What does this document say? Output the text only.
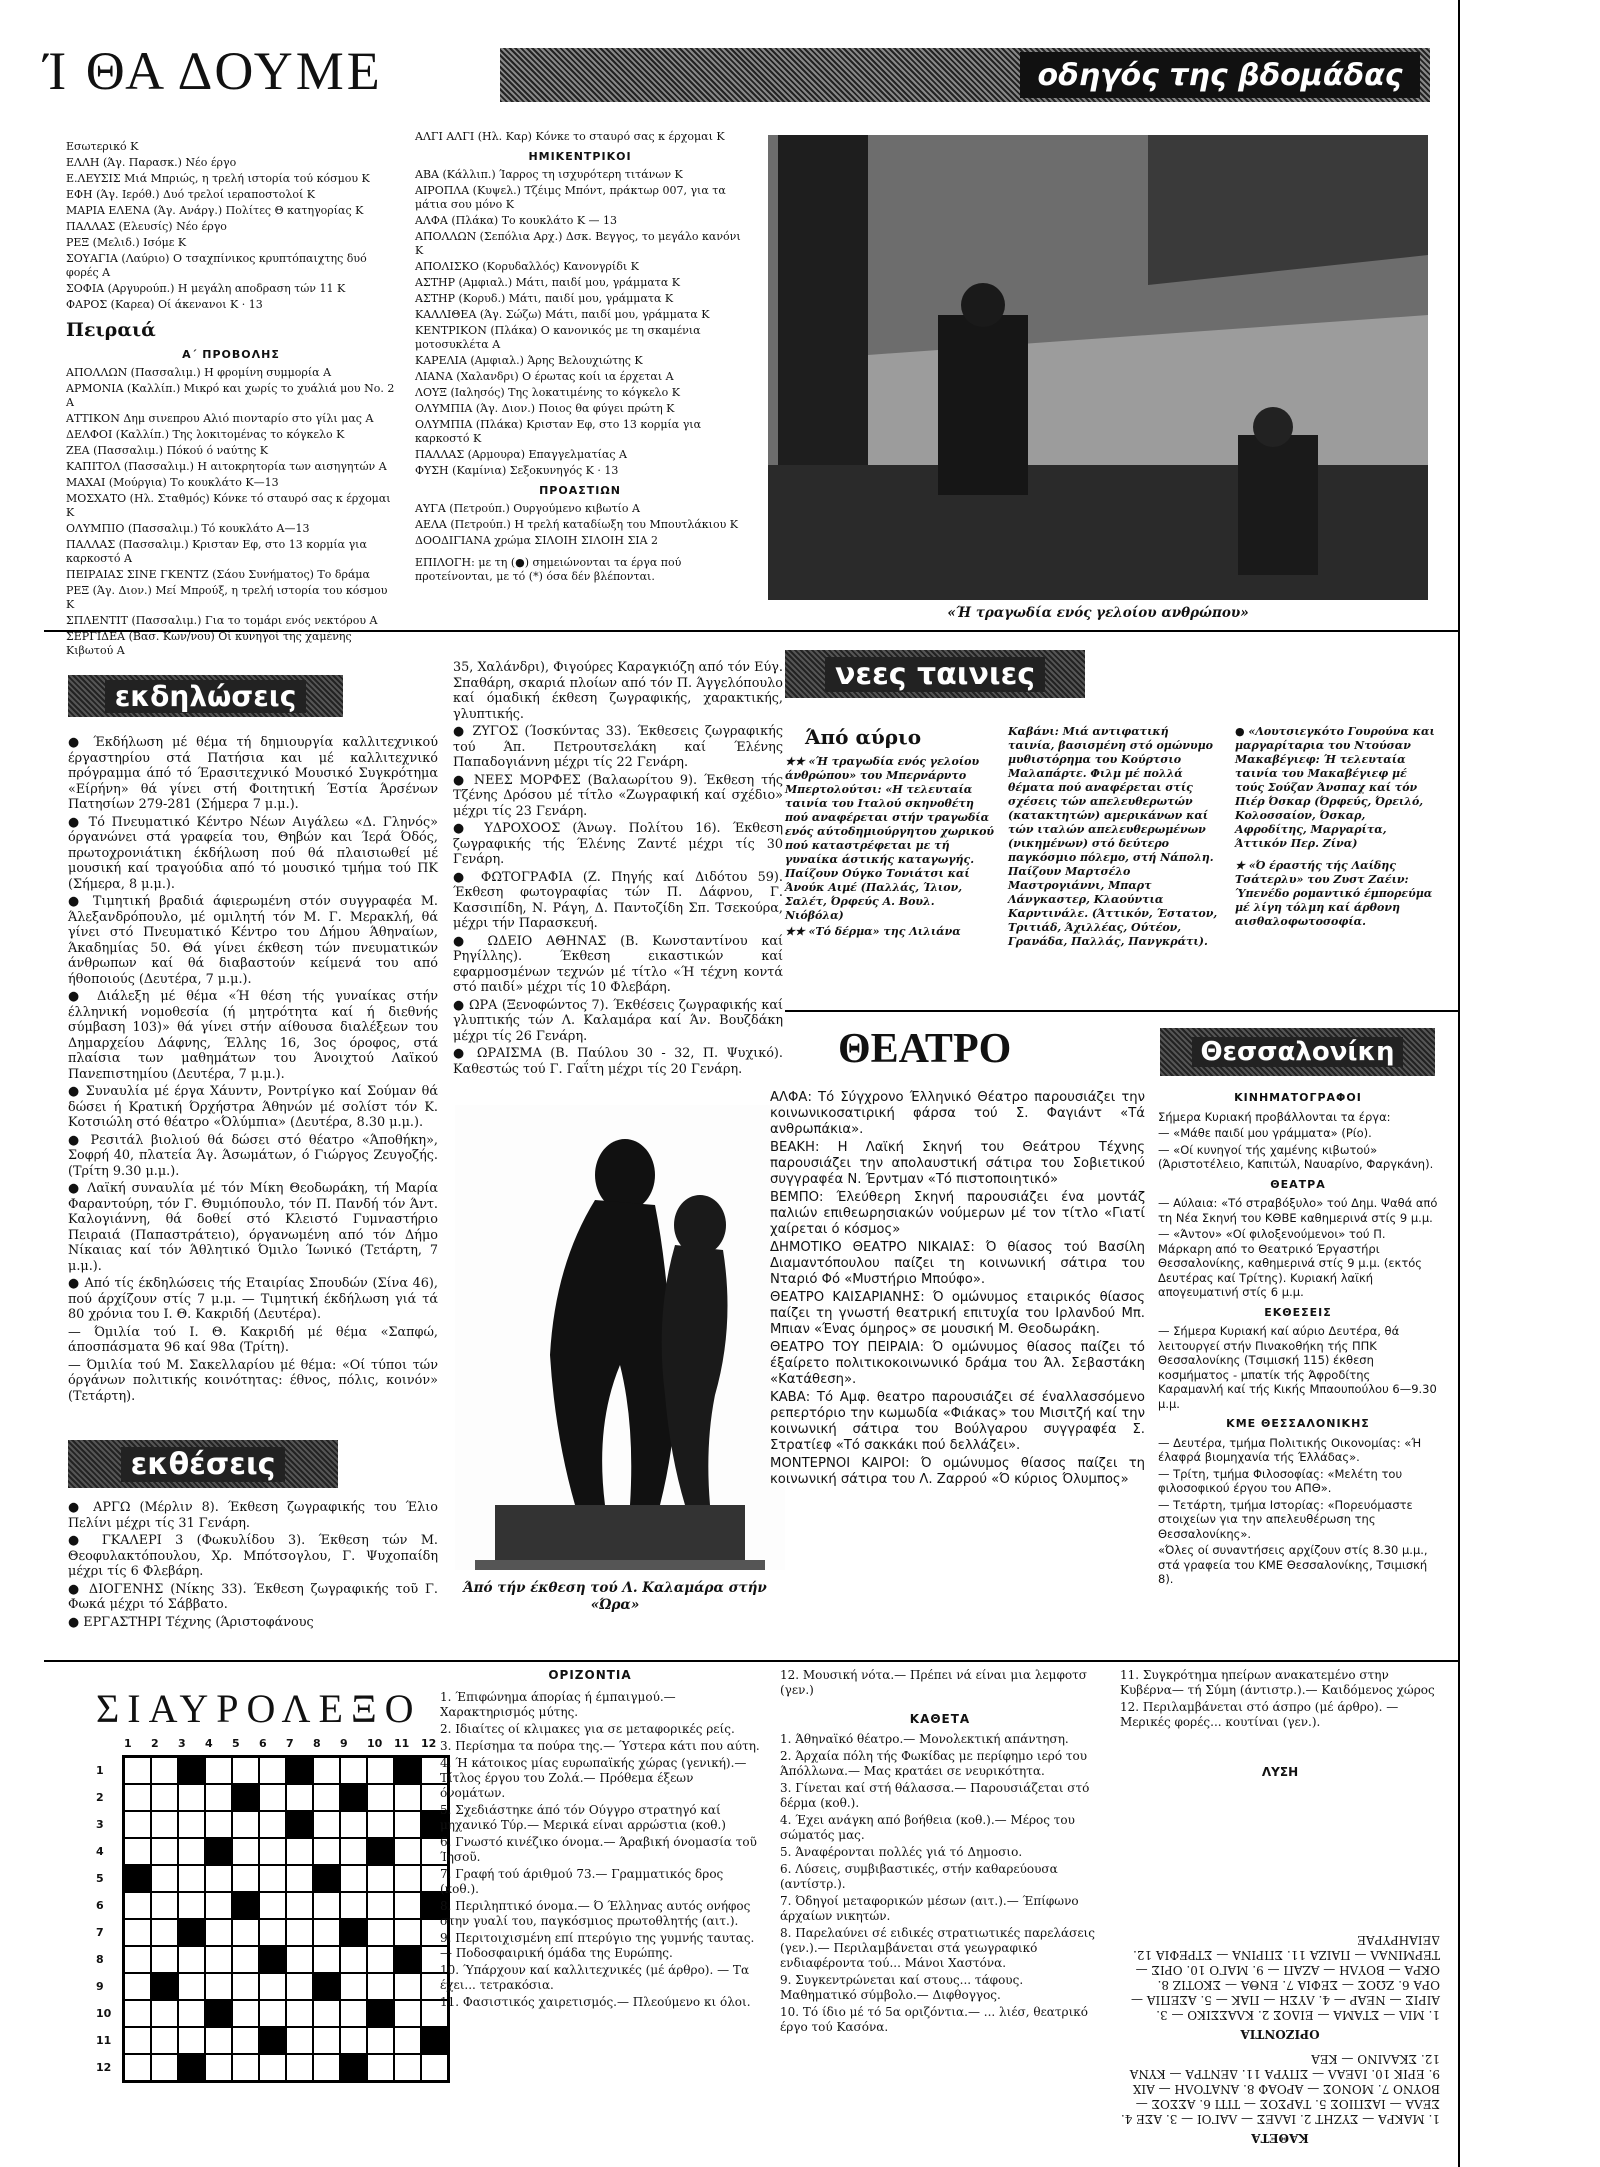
Ί ΘΑ ΔΟΥΜΕ	οδηγός της βδομάδας

Εσωτερικό Κ

ΕΛΛΗ (Άγ. Παρασκ.) Νέο έργο

Ε.ΛΕΥΣΙΣ Μιά Μπριώς, η τρελή ιστορία τού κόσμου Κ

ΕΦΗ (Άγ. Ιερόθ.) Δυό τρελοί ιεραποστολοί Κ

ΜΑΡΙΑ ΕΛΕΝΑ (Άγ. Ανάργ.) Πολίτες Θ κατηγορίας Κ

ΠΑΛΛΑΣ (Ελευσίς) Νέο έργο

ΡΕΞ (Μελιδ.) Ισόμε Κ

ΣΟΥΑΓΙΑ (Λαύριο) Ο τσαχπίνικος κρυπτόπαιχτης δυό φορές Α

ΣΟΦΙΑ (Αργυρούπ.) Η μεγάλη αποδραση τών 11 Κ

ΦΑΡΟΣ (Καρεα) Οί άκενανοι Κ · 13

Πειραιά
Α΄ ΠΡΟΒΟΛΗΣ

ΑΠΟΛΛΩΝ (Πασσαλιμ.) Η φρομίνη συμμορία Α

ΑΡΜΟΝΙΑ (Καλλίπ.) Μικρό και χωρίς το χυάλιά μου Νο. 2 Α

ΑΤΤΙΚΟΝ Δημ σινεπρου Αλιό πιονταρίο στο γίλι μας Α

ΔΕΛΦΟΙ (Καλλίπ.) Της λοκιτομένας το κόγκελο Κ

ΖΕΑ (Πασσαλιμ.) Πόκού ό ναύτης Κ

ΚΑΠΙΤΟΛ (Πασσαλιμ.) Η αιτοκρητορία των αισηγητών Α

ΜΑΧΑΙ (Μούργια) Το κουκλάτο Κ—13

ΜΟΣΧΑΤΟ (Ηλ. Σταθμός) Κόνκε τό σταυρό σας κ έρχομαι Κ

ΟΛΥΜΠΙΟ (Πασσαλιμ.) Τό κουκλάτο Α—13

ΠΑΛΛΑΣ (Πασσαλιμ.) Κρισταν Εφ, στο 13 κορμία για καρκοστό Α

ΠΕΙΡΑΙΑΣ ΣΙΝΕ ΓΚΕΝΤΖ (Σάου Συνήματος) Το δράμα

ΡΕΞ (Άγ. Διον.) Μεί Μπρούξ, η τρελή ιστορία του κόσμου Κ

ΣΠΛΕΝΤΙΤ (Πασσαλιμ.) Για το τομάρι ενός νεκτόρου Α

ΣΕΡΓΙΔΕΑ (Βασ. Κων/νου) Οί κυνηγοί της χαμένης Κιβωτού Α

ΑΛΓΙ ΑΛΓΙ (Ηλ. Καρ) Κόνκε το σταυρό σας κ έρχομαι Κ

ΗΜΙΚΕΝΤΡΙΚΟΙ

ΑΒΑ (Κάλλιπ.) Ίαρρος τη ισχυρότερη τιτάνων Κ

ΑΙΡΟΠΛΑ (Κυψελ.) Τζέιμς Μπόντ, πράκτωρ 007, για τα μάτια σου μόνο Κ

ΑΛΦΑ (Πλάκα) Το κουκλάτο Κ — 13

ΑΠΟΛΛΩΝ (Σεπόλια Αρχ.) Δσκ. Βεγγος, το μεγάλο κανόνι Κ

ΑΠΟΛΙΣΚΟ (Κορυδαλλός) Κανονγρίδι Κ

ΑΣΤΗΡ (Αμφιαλ.) Μάτι, παιδί μου, γράμματα Κ

ΑΣΤΗΡ (Κορυδ.) Μάτι, παιδί μου, γράμματα Κ

ΚΑΛΛΙΘΕΑ (Άγ. Σώζω) Μάτι, παιδί μου, γράμματα Κ

ΚΕΝΤΡΙΚΟΝ (Πλάκα) Ο κανονικός με τη σκαμένια μοτοσυκλέτα Α

ΚΑΡΕΛΙΑ (Αμφιαλ.) Άρης Βελουχιώτης Κ

ΛΙΑΝΑ (Χαλανδρι) Ο έρωτας κοίι ια έρχεται Α

ΛΟΥΞ (Ιαλησός) Της λοκατιμένης το κόγκελο Κ

ΟΛΥΜΠΙΑ (Άγ. Διον.) Ποιος θα φύγει πρώτη Κ

ΟΛΥΜΠΙΑ (Πλάκα) Κρισταν Εφ, στο 13 κορμία για καρκοστό Κ

ΠΑΛΛΑΣ (Αρμουρα) Επαγγελματίας Α

ΦΥΣΗ (Καμίνια) Σεξοκυνηγός Κ · 13

ΠΡΟΑΣΤΙΩΝ

ΑΥΓΑ (Πετρούπ.) Ουργούμενο κιβωτίο Α

ΑΕΛΑ (Πετρούπ.) Η τρελή καταδίωξη του Μπουτλάκιου Κ

ΔΟΟΔΙΓΙΑΝΑ χρώμα ΣΙΛΟΙΗ ΣΙΛΟΙΗ ΣΙΑ 2

ΕΠΙΛΟΓΗ: με τη (●) σημειώνονται τα έργα πού προτείνονται, με τό (*) όσα δέν βλέπονται.

«Ή τραγωδία ενός γελοίου ανθρώπου»
εκδηλώσεις

● Έκδήλωση μέ θέμα τή δημιουργία καλλιτεχνικού έργαστηρίου στά Πατήσια και μέ καλλιτεχνικό πρόγραμμα άπό τό Έρασιτεχνικό Μουσικό Συγκρότημα «Είρήνη» θά γίνει στή Φοιτητική Έστία Άρσένων Πατησίων 279-281 (Σήμερα 7 μ.μ.).

● Τό Πνευματικό Κέντρο Νέων Αιγάλεω «Δ. Γληνός» όργανώνει στά γραφεία του, Θηβών και Ίερά Όδός, πρωτοχρονιάτικη έκδήλωση πού θά πλαισιωθεί μέ μουσική καί τραγούδια από τό μουσικό τμήμα τού ΠΚ (Σήμερα, 8 μ.μ.).

● Τιμητική βραδιά άφιερωμένη στόν συγγραφέα Μ. Άλεξανδρόπουλο, μέ ομιλητή τόν Μ. Γ. Μερακλή, θά γίνει στό Πνευματικό Κέντρο του Δήμου Άθηναίων, Άκαδημίας 50. Θά γίνει έκθεση τών πνευματικών άνθρωπων καί θά διαβαστούν κείμενά του από ήθοποιούς (Δευτέρα, 7 μ.μ.).

● Διάλεξη μέ θέμα «Ή θέση τής γυναίκας στήν έλληνική νομοθεσία (ή μητρότητα καί ή διεθνής σύμβαση 103)» θά γίνει στήν αίθουσα διαλέξεων του Δημαρχείου Δάφνης, Έλλης 16, 3ος όροφος, στά πλαίσια των μαθημάτων του Άνοιχτού Λαϊκού Πανεπιστημίου (Δευτέρα, 7 μ.μ.).

● Συναυλία μέ έργα Χάυντν, Ροντρίγκο καί Σούμαν θά δώσει ή Κρατική Όρχήστρα Άθηνών μέ σολίστ τόν Κ. Κοτσιώλη στό θέατρο «Όλύμπια» (Δευτέρα, 8.30 μ.μ.).

● Ρεσιτάλ βιολιού θά δώσει στό θέατρο «Άποθήκη», Σοφρή 40, πλατεία Άγ. Άσωμάτων, ό Γιώργος Ζευγοζής. (Τρίτη 9.30 μ.μ.).

● Λαϊκή συναυλία μέ τόν Μίκη Θεοδωράκη, τή Μαρία Φαραντούρη, τόν Γ. Θυμιόπουλο, τόν Π. Πανδή τόν Άντ. Καλογιάννη, θά δοθεί στό Κλειστό Γυμναστήριο Πειραιά (Παπαστράτειο), όργανωμένη από τόν Δήμο Νίκαιας καί τόν Άθλητικό Όμιλο Ίωνικό (Τετάρτη, 7 μ.μ.).

● Από τίς έκδηλώσεις τής Εταιρίας Σπουδών (Σίνα 46), πού άρχίζουν στίς 7 μ.μ. — Τιμητική έκδήλωση γιά τά 80 χρόνια του Ι. Θ. Κακριδή (Δευτέρα).

— Όμιλία τού Ι. Θ. Κακριδή μέ θέμα «Σαπφώ, άποσπάσματα 96 καί 98α (Τρίτη).

— Όμιλία τού Μ. Σακελλαρίου μέ θέμα: «Οί τύποι τών όργάνων πολιτικής κοινότητας: έθνος, πόλις, κοινόν» (Τετάρτη).

εκθέσεις

● ΑΡΓΩ (Μέρλιν 8). Έκθεση ζωγραφικής του Έλιο Πελίνι μέχρι τίς 31 Γενάρη.

● ΓΚΑΛΕΡΙ 3 (Φωκυλίδου 3). Έκθεση τών Μ. Θεοφυλακτόπουλου, Χρ. Μπότσογλου, Γ. Ψυχοπαίδη μέχρι τίς 6 Φλεβάρη.

● ΔΙΟΓΕΝΗΣ (Νίκης 33). Έκθεση ζωγραφικής τοῦ Γ. Φωκά μέχρι τό Σάββατο.

● ΕΡΓΑΣΤΗΡΙ Τέχνης (Άριστοφάνους

35, Χαλάνδρι), Φιγούρες Καραγκιόζη από τόν Εύγ. Σπαθάρη, σκαριά πλοίων από τόν Π. Άγγελόπουλο καί όμαδική έκθεση ζωγραφικής, χαρακτικής, γλυπτικής.

● ΖΥΓΟΣ (Ίοσκύντας 33). Έκθεσεις ζωγραφικής τού Άπ. Πετρουτσελάκη καί Έλένης Παπαδογιάννη μέχρι τίς 22 Γενάρη.

● ΝΕΕΣ ΜΟΡΦΕΣ (Βαλαωρίτου 9). Έκθεση τής Τζένης Δρόσου μέ τίτλο «Ζωγραφική καί σχέδιο» μέχρι τίς 23 Γενάρη.

● ΥΔΡΟΧΟΟΣ (Άνωγ. Πολίτου 16). Έκθεση ζωγραφικής τής Έλένης Ζαντέ μέχρι τίς 30 Γενάρη.

● ΦΩΤΟΓΡΑΦΙΑ (Ζ. Πηγής καί Διδότου 59). Έκθεση φωτογραφίας τών Π. Δάφνου, Γ. Κασσιπίδη, Ν. Ράγη, Δ. Παντοζίδη Σπ. Τσεκούρα, μέχρι τήν Παρασκευή.

● ΩΔΕΙΟ ΑΘΗΝΑΣ (Β. Κωνσταντίνου καί Ρηγίλλης). Έκθεση εικαστικών καί εφαρμοσμένων τεχνών μέ τίτλο «Ή τέχνη κοντά στό παιδί» μέχρι τίς 10 Φλεβάρη.

● ΩΡΑ (Ξενοφώντος 7). Έκθέσεις ζωγραφικής καί γλυπτικής τών Λ. Καλαμάρα καί Άν. Βουζδάκη μέχρι τίς 26 Γενάρη.

● ΩΡΑΙΣΜΑ (Β. Παύλου 30 - 32, Π. Ψυχικό). Καθεστώς τού Γ. Γαΐτη μέχρι τίς 20 Γενάρη.

Άπό τήν έκθεση τού Λ. Καλαμάρα στήν «Ώρα»
νεες ταινιες
Άπό αύριο

★★ «Ή τραγωδία ενός γελοίου άνθρώπου» του Μπερνάρντο Μπερτολούτσι: «Η τελευταία ταινία του Ιταλού σκηνοθέτη πού αναφέρεται στήν τραγωδία ενός αύτοδημιούργητου χωρικού πού καταστρέφεται με τή γυναίκα άστικής καταγωγής. Παίζουν Ούγκο Τονιάτσι καί Άνούκ Αιμέ (Παλλάς, Ίλιον, Σαλέτ, Όρφεύς Α. Βουλ. Νιόβόλα)

★★ «Τό δέρμα» της Λιλιάνα

Καβάνι: Μιά αντιφατική ταινία, βασισμένη στό ομώνυμο μυθιστόρημα του Κούρτσιο Μαλαπάρτε. Φιλμ μέ πολλά θέματα πού αναφέρεται στίς σχέσεις τών απελευθερωτών (κατακτητών) αμερικάνων καί τών ιταλών απελευθερωμένων (νικημένων) στό δεύτερο παγκόσμιο πόλεμο, στή Νάπολη. Παίζουν Μαρτσέλο Μαστρογιάννι, Μπαρτ Λάνγκαστερ, Κλαούντια Καρντινάλε. (Άττικόν, Έστατον, Τριτιάδ, Άχιλλέας, Ούτέον, Γρανάδα, Παλλάς, Πανγκράτι).

● «Λουτσιεγκότο Γουρούνα και μαργαρίταρια του Ντούσαν Μακαβέγιεφ: Ή τελευταία ταινία του Μακαβέγιεφ μέ τούς Σούζαν Άνσπαχ καί τόν Πιέρ Όσκαρ (Όρφεύς, Όρειλό, Κολοσσαίον, Όσκαρ, Αφροδίτης, Μαργαρίτα, Άττικόν Περ. Ζίνα)

★ «Ό έραστής τής Λαίδης Τσάτερλυ» του Ζυστ Ζαέιν: Ύπενέδο ρομαντικό έμπορεύμα μέ λίγη τόλμη καί άρθονη αισθαλοφωτοσοφία.

ΘΕΑΤΡΟ

ΑΛΦΑ: Τό Σύγχρονο Έλληνικό Θέατρο παρουσιάζει την κοινωνικοσατιρική φάρσα τού Σ. Φαγιάντ «Τά ανθρωπάκια».

ΒΕΑΚΗ: Η Λαϊκή Σκηνή του Θεάτρου Τέχνης παρουσιάζει την απολαυστική σάτιρα του Σοβιετικού συγγραφέα Ν. Έρντμαν «Τό πιστοποιητικό»

ΒΕΜΠΟ: Έλεύθερη Σκηνή παρουσιάζει ένα μοντάζ παλιών επιθεωρησιακών νούμερων μέ τον τίτλο «Γιατί χαίρεται ό κόσμος»

ΔΗΜΟΤΙΚΟ ΘΕΑΤΡΟ ΝΙΚΑΙΑΣ: Ό θίασος τού Βασίλη Διαμαντόπουλου παίζει τη κοινωνική σάτιρα του Νταριό Φό «Μυστήριο Μπούφο».

ΘΕΑΤΡΟ ΚΑΙΣΑΡΙΑΝΗΣ: Ό ομώνυμος εταιρικός θίασος παίζει τη γνωστή θεατρική επιτυχία του Ιρλανδού Μπ. Μπιαν «Ένας όμηρος» σε μουσική Μ. Θεοδωράκη.

ΘΕΑΤΡΟ ΤΟΥ ΠΕΙΡΑΙΑ: Ό ομώνυμος θίασος παίζει τό έξαίρετο πολιτικοκοινωνικό δράμα του Άλ. Σεβαστάκη «Κατάθεση».

ΚΑΒΑ: Τό Αμφ. θεατρο παρουσιάζει σέ έναλλασσόμενο ρεπερτόριο την κωμωδία «Φιάκας» του Μισιτζή καί την κοινωνική σάτιρα του Βούλγαρου συγγραφέα Σ. Στρατίεφ «Τό σακκάκι πού δελλάζει».

ΜΟΝΤΕΡΝΟΙ ΚΑΙΡΟΙ: Ό ομώνυμος θίασος παίζει τη κοινωνική σάτιρα του Λ. Ζαρρού «Ό κύριος Όλυμπος»

Θεσσαλονίκη
ΚΙΝΗΜΑΤΟΓΡΑΦΟΙ

Σήμερα Κυριακή προβάλλονται τα έργα:

— «Μάθε παιδί μου γράμματα» (Ρίο).

— «Οί κυνηγοί τής χαμένης κιβωτού» (Άριστοτέλειο, Καπιτώλ, Ναυαρίνο, Φαργκάνη).

ΘΕΑΤΡΑ

— Αύλαια: «Τό στραβόξυλο» τού Δημ. Ψαθά από τη Νέα Σκηνή του ΚΘΒΕ καθημερινά στίς 9 μ.μ.

— «Άντον» «Οί φιλοξενούμενοι» τού Π. Μάρκαρη από το Θεατρικό Έργαστήρι Θεσσαλονίκης, καθημερινά στίς 9 μ.μ. (εκτός Δευτέρας καί Τρίτης). Κυριακή λαϊκή απογευματινή στίς 6 μ.μ.

ΕΚΘΕΣΕΙΣ

— Σήμερα Κυριακή καί αύριο Δευτέρα, θά λειτουργεί στήν Πινακοθήκη τής ΠΠΚ Θεσσαλονίκης (Τσιμισκή 115) έκθεση κοσμήματος - μπατίκ τής Άφροδίτης Καραμανλή καί τής Κικής Μπαουπούλου 6—9.30 μ.μ.

ΚΜΕ ΘΕΣΣΑΛΟΝΙΚΗΣ

— Δευτέρα, τμήμα Πολιτικής Οικονομίας: «Ή έλαφρά βιομηχανία τής Έλλάδας».

— Τρίτη, τμήμα Φιλοσοφίας: «Μελέτη του φιλοσοφικού έργου του ΑΠΘ».

— Τετάρτη, τμήμα Ιστορίας: «Πορευόμαστε στοιχείων για την απελευθέρωση της Θεσσαλονίκης».

«Όλες οί συναντήσεις αρχίζουν στίς 8.30 μ.μ., στά γραφεία του ΚΜΕ Θεσσαλονίκης, Τσιμισκή 8).

ΣΙΑΥΡΟΛΕΞΟ
1	2	3	4	5	6	7	8	9	10	11	12
1
2
3
4
5
6
7
8
9
10
11
12
ΟΡΙΖΟΝΤΙΑ

1. Έπιφώνημα άπορίας ή έμπαιγμού.— Χαρακτηρισμός μύτης.

2. Ιδιαίτες οί κλιμακες για σε μεταφορικές ρείς.

3. Περίσημα τα πούρα της.— Ύστερα κάτι που αύτη.

4. Ή κάτοικος μίας ευρωπαϊκής χώρας (γενική).— Τίτλος έργου του Ζολά.— Πρόθεμα έξεων όνομάτων.

5. Σχεδιάστηκε άπό τόν Ούγγρο στρατηγό καί μηχανικό Τύρ.— Μερικά είναι αρρώστια (κοθ.)

6. Γνωστό κινέζικο όνομα.— Άραβική όνομασία τοῦ Ίησοῦ.

7. Γραφή τού άριθμού 73.— Γραμματικός δρος (κοθ.).

8. Περιληπτικό όνομα.— Ό Έλληνας αυτός ονήφος στην γυαλί του, παγκόσμιος πρωτοθλητής (αιτ.).

9. Περιτοιχισμένη επί πτερύγιο της γυμνής ταυτας.— Ποδοσφαιρική όμάδα της Ευρώπης.

10. Ύπάρχουν καί καλλιτεχνικές (μέ άρθρο). — Τα έχει... τετρακόσια.

11. Φασιστικός χαιρετισμός.— Πλεούμενο κι όλοι.

12. Μουσική νότα.— Πρέπει νά είναι μια λεμφοτσ (γεν.)

ΚΑΘΕΤΑ

1. Άθηναϊκό θέατρο.— Μονολεκτική απάντηση.

2. Άρχαία πόλη τής Φωκίδας με περίφημο ιερό του Άπόλλωνα.— Μας κρατάει σε νευρικότητα.

3. Γίνεται καί στή θάλασσα.— Παρουσιάζεται στό δέρμα (κοθ.).

4. Έχει ανάγκη από βοήθεια (κοθ.).— Μέρος του σώματός μας.

5. Άναφέρονται πολλές γιά τό Δημοσιο.

6. Λύσεις, συμβιβαστικές, στήν καθαρεύουσα (αντίστρ.).

7. Όδηγοί μεταφορικών μέσων (αιτ.).— Έπίφωνο άρχαίων νικητών.

8. Παρελαύνει σέ ειδικές στρατιωτικές παρελάσεις (γεν.).— Περιλαμβάνεται στά γεωγραφικό ενδιαφέροντα τού... Μάνοι Χαστόνα.

9. Συγκεντρώνεται καί στους... τάφους. Μαθηματικό σύμβολο.— Διφθογγος.

10. Τό ίδιο μέ τό 5α οριζόντια.— ... λιέσ, θεατρικό έργο τού Κασόνα.

11. Συγκρότημα ηπείρων ανακατεμένο στην Κυβέρνα— τή Σύμη (άντιστρ.).— Καιδόμενος χώρος

12. Περιλαμβάνεται στό άσπρο (μέ άρθρο). — Μερικές φορές... κουτίναι (γεν.).

ΛΥΣΗ
ΚΑΘΕΤΑ

1. ΜΑΚΡΑ — ΣΥΖΗΤ 2. ΙΑΛΕΣ — ΛΑΓΟΙ — 3. ΑΣΕ 4. ΣΕΛΑ — ΙΑΣΠΙΟΣ 5. ΤΑΡΣΟΣ — ΤΙΤΙ 6. ΑΣΣΟΣ — ΒΟΥΝΟ 7. ΜΟΝΟΣ — ΑΡΟΑΦ 8. ΑΝΑΤΟΛΗ — ΑΙΧ 9. ΕΡΙΚ 10. ΙΔΕΑΛ — ΣΠΥΡΑ 11. ΔΕΝΤΡΑ — ΚΥΝΑ 12. ΣΚΑΛΙΝΟ — ΚΕΑ

ΟΡΙΖΟΝΤΙΑ

1. ΜΙΛ — ΣΤΑΜΑ — ΕΙΔΟΣ 2. ΚΛΑΣΣΙΚΟ — 3. ΑΙΡΙΣ — ΝΕΑΡ — 4. ΛΥΣΗ — ΠΑΚ — 5. ΑΣΕΠΙΑ — ΟΡΑ 6. ΖΩΟΣ — ΣΕΦΙΑ 7. ΕΝΘΑ — ΣΚΟΤΙΖ 8. ΟΚΡΑ — ΒΟΥΛΗ — ΑΖΑΠ — 9. ΜΑΓΟ 10. ΟΡΙΣ — ΤΕΡΜΙΝΑΛ — ΠΑΙΖΑ 11. ΣΠΡΙΝΑ — ΣΤΡΕΦΙΑ 12. ΔΕΙΑΗΡΥΡΑΕ
